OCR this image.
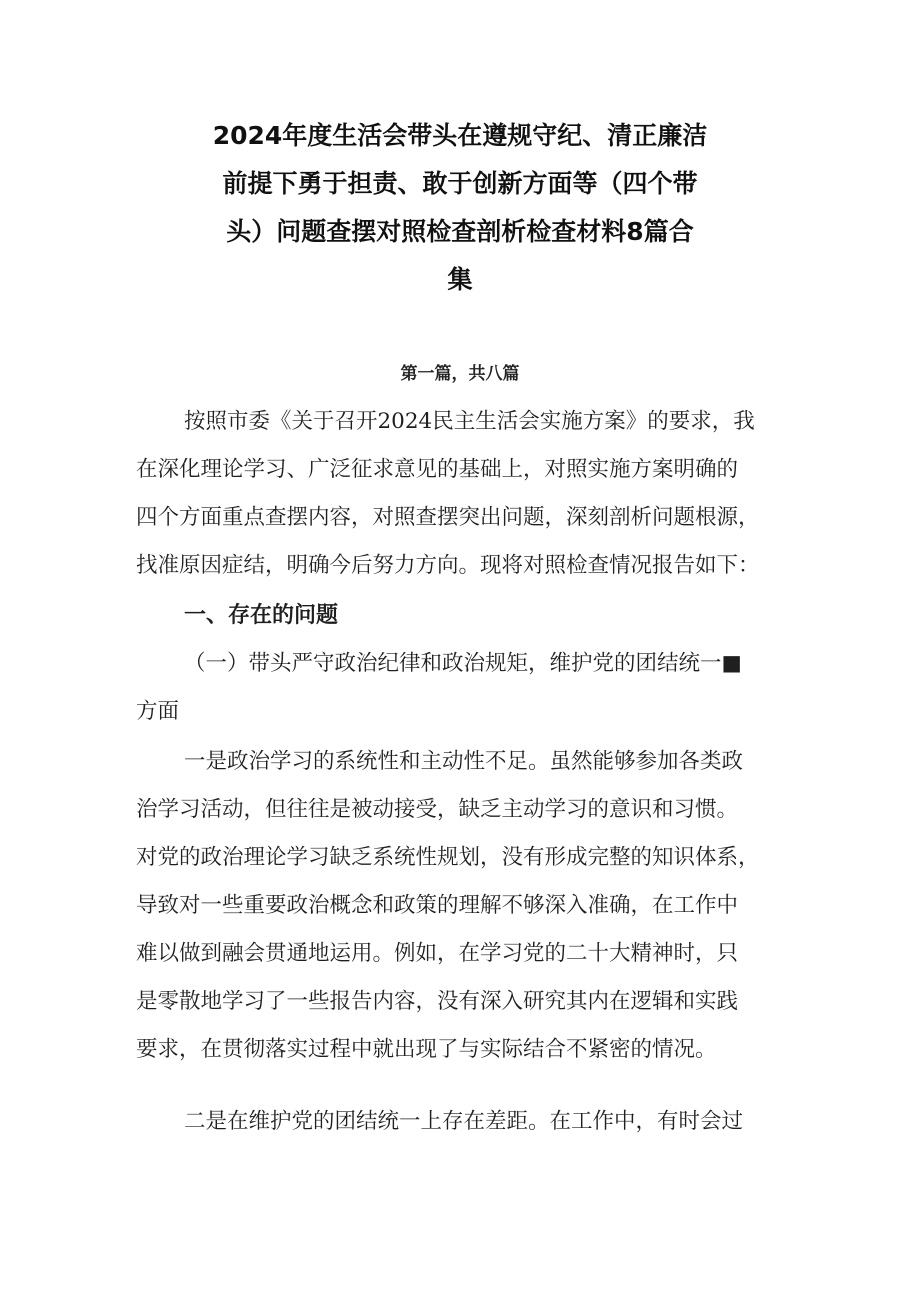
2024年度生活会带头在遵规守纪、清正廉洁
前提下勇于担责、敢于创新方面等（四个带
头）问题查摆对照检查剖析检查材料8篇合
集
第一篇，共八篇
按照市委《关于召开2024民主生活会实施方案》的要求，我
在深化理论学习、广泛征求意见的基础上，对照实施方案明确的
四个方面重点查摆内容，对照查摆突出问题，深刻剖析问题根源，
找准原因症结，明确今后努力方向。现将对照检查情况报告如下：
一、存在的问题
（一）带头严守政治纪律和政治规矩，维护党的团结统一■
方面
一是政治学习的系统性和主动性不足。虽然能够参加各类政
治学习活动，但往往是被动接受，缺乏主动学习的意识和习惯。
对党的政治理论学习缺乏系统性规划，没有形成完整的知识体系，
导致对一些重要政治概念和政策的理解不够深入准确，在工作中
难以做到融会贯通地运用。例如，在学习党的二十大精神时，只
是零散地学习了一些报告内容，没有深入研究其内在逻辑和实践
要求，在贯彻落实过程中就出现了与实际结合不紧密的情况。
二是在维护党的团结统一上存在差距。在工作中，有时会过
